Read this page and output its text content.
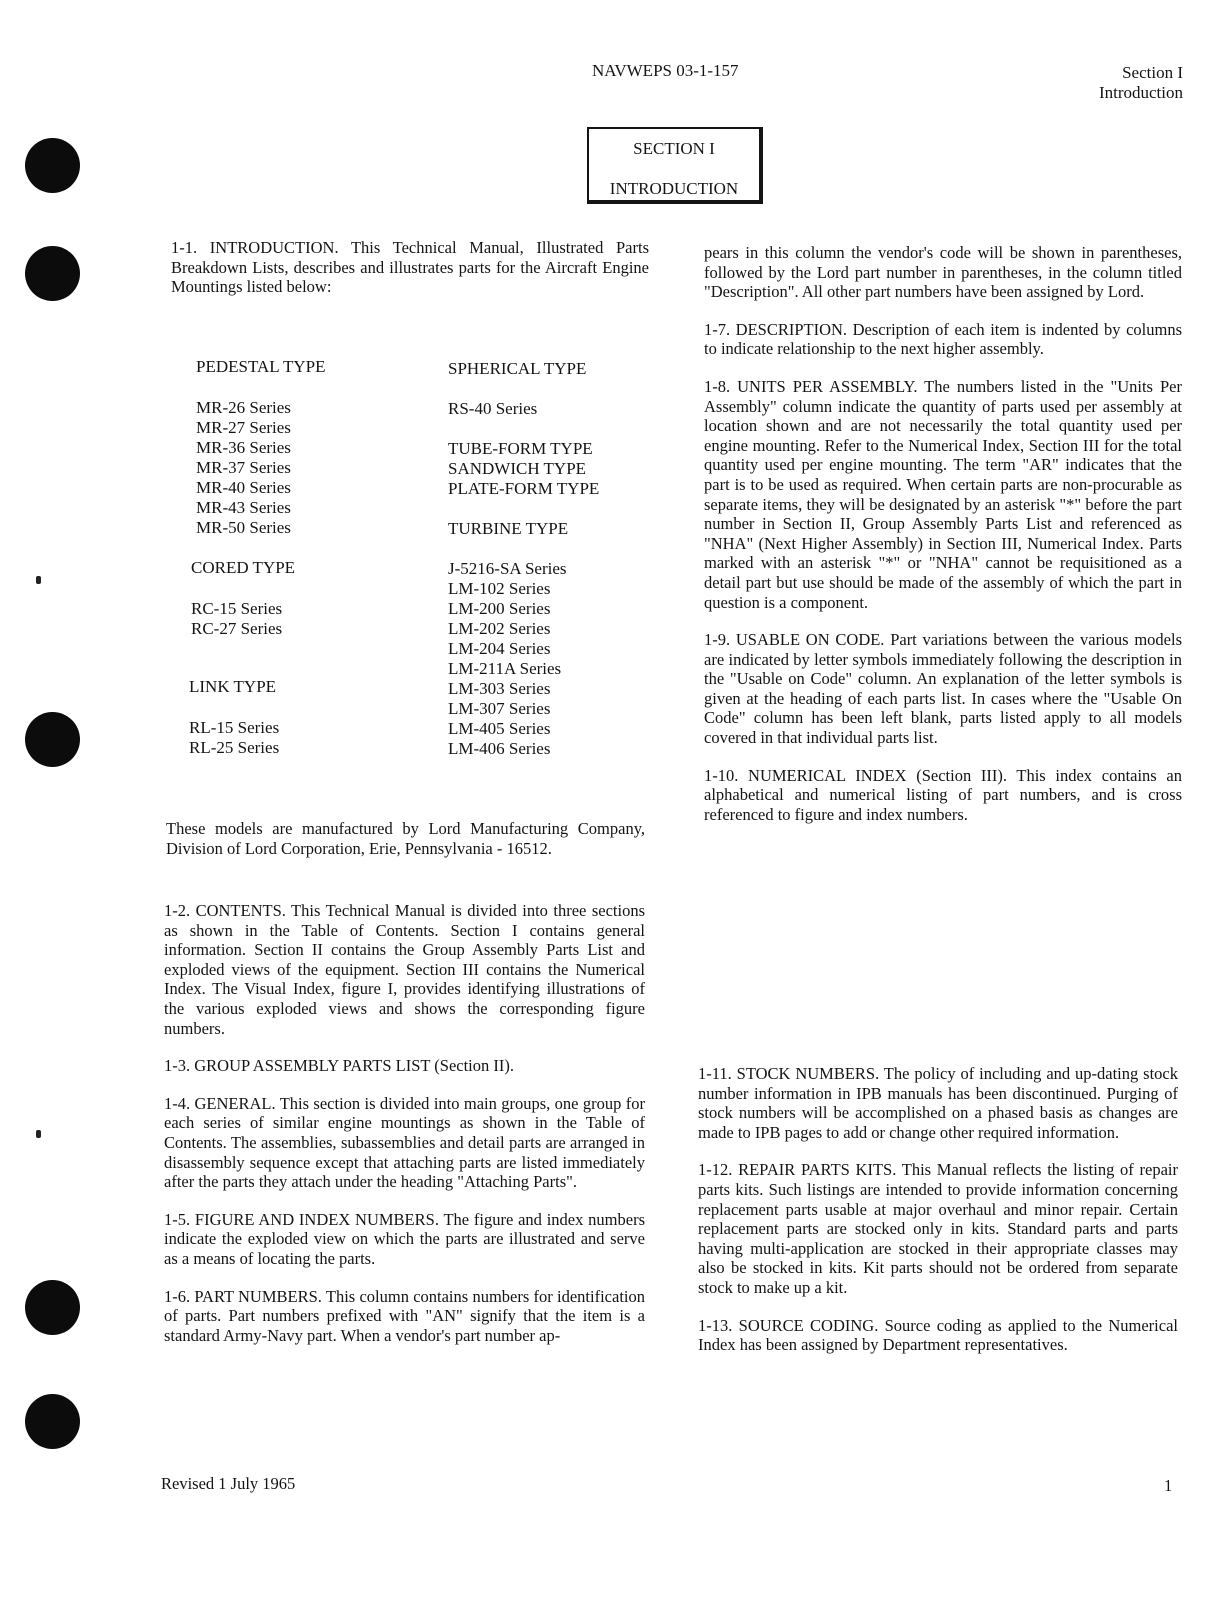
NAVWEPS 03-1-157	Section I
Introduction
SECTION I
INTRODUCTION
1-1. INTRODUCTION. This Technical Manual, Illustrated Parts Breakdown Lists, describes and illustrates parts for the Aircraft Engine Mountings listed below:
PEDESTAL TYPE
MR-26 Series
MR-27 Series
MR-36 Series
MR-37 Series
MR-40 Series
MR-43 Series
MR-50 Series
CORED TYPE
RC-15 Series
RC-27 Series
LINK TYPE
RL-15 Series
RL-25 Series
SPHERICAL TYPE
RS-40 Series
TUBE-FORM TYPE
SANDWICH TYPE
PLATE-FORM TYPE
TURBINE TYPE
J-5216-SA Series
LM-102 Series
LM-200 Series
LM-202 Series
LM-204 Series
LM-211A Series
LM-303 Series
LM-307 Series
LM-405 Series
LM-406 Series
These models are manufactured by Lord Manufacturing Company, Division of Lord Corporation, Erie, Pennsylvania - 16512.

1-2. CONTENTS. This Technical Manual is divided into three sections as shown in the Table of Contents. Section I contains general information. Section II contains the Group Assembly Parts List and exploded views of the equipment. Section III contains the Numerical Index. The Visual Index, figure I, provides identifying illustrations of the various exploded views and shows the corresponding figure numbers.

1-3. GROUP ASSEMBLY PARTS LIST (Section II).

1-4. GENERAL. This section is divided into main groups, one group for each series of similar engine mountings as shown in the Table of Contents. The assemblies, subassemblies and detail parts are arranged in disassembly sequence except that attaching parts are listed immediately after the parts they attach under the heading "Attaching Parts".

1-5. FIGURE AND INDEX NUMBERS. The figure and index numbers indicate the exploded view on which the parts are illustrated and serve as a means of locating the parts.

1-6. PART NUMBERS. This column contains numbers for identification of parts. Part numbers prefixed with "AN" signify that the item is a standard Army-Navy part. When a vendor's part number ap-

pears in this column the vendor's code will be shown in parentheses, followed by the Lord part number in parentheses, in the column titled "Description". All other part numbers have been assigned by Lord.

1-7. DESCRIPTION. Description of each item is indented by columns to indicate relationship to the next higher assembly.

1-8. UNITS PER ASSEMBLY. The numbers listed in the "Units Per Assembly" column indicate the quantity of parts used per assembly at location shown and are not necessarily the total quantity used per engine mounting. Refer to the Numerical Index, Section III for the total quantity used per engine mounting. The term "AR" indicates that the part is to be used as required. When certain parts are non-procurable as separate items, they will be designated by an asterisk "*" before the part number in Section II, Group Assembly Parts List and referenced as "NHA" (Next Higher Assembly) in Section III, Numerical Index. Parts marked with an asterisk "*" or "NHA" cannot be requisitioned as a detail part but use should be made of the assembly of which the part in question is a component.

1-9. USABLE ON CODE. Part variations between the various models are indicated by letter symbols immediately following the description in the "Usable on Code" column. An explanation of the letter symbols is given at the heading of each parts list. In cases where the "Usable On Code" column has been left blank, parts listed apply to all models covered in that individual parts list.

1-10. NUMERICAL INDEX (Section III). This index contains an alphabetical and numerical listing of part numbers, and is cross referenced to figure and index numbers.

1-11. STOCK NUMBERS. The policy of including and up-dating stock number information in IPB manuals has been discontinued. Purging of stock numbers will be accomplished on a phased basis as changes are made to IPB pages to add or change other required information.

1-12. REPAIR PARTS KITS. This Manual reflects the listing of repair parts kits. Such listings are intended to provide information concerning replacement parts usable at major overhaul and minor repair. Certain replacement parts are stocked only in kits. Standard parts and parts having multi-application are stocked in their appropriate classes may also be stocked in kits. Kit parts should not be ordered from separate stock to make up a kit.

1-13. SOURCE CODING. Source coding as applied to the Numerical Index has been assigned by Department representatives.

Revised 1 July 1965	1
